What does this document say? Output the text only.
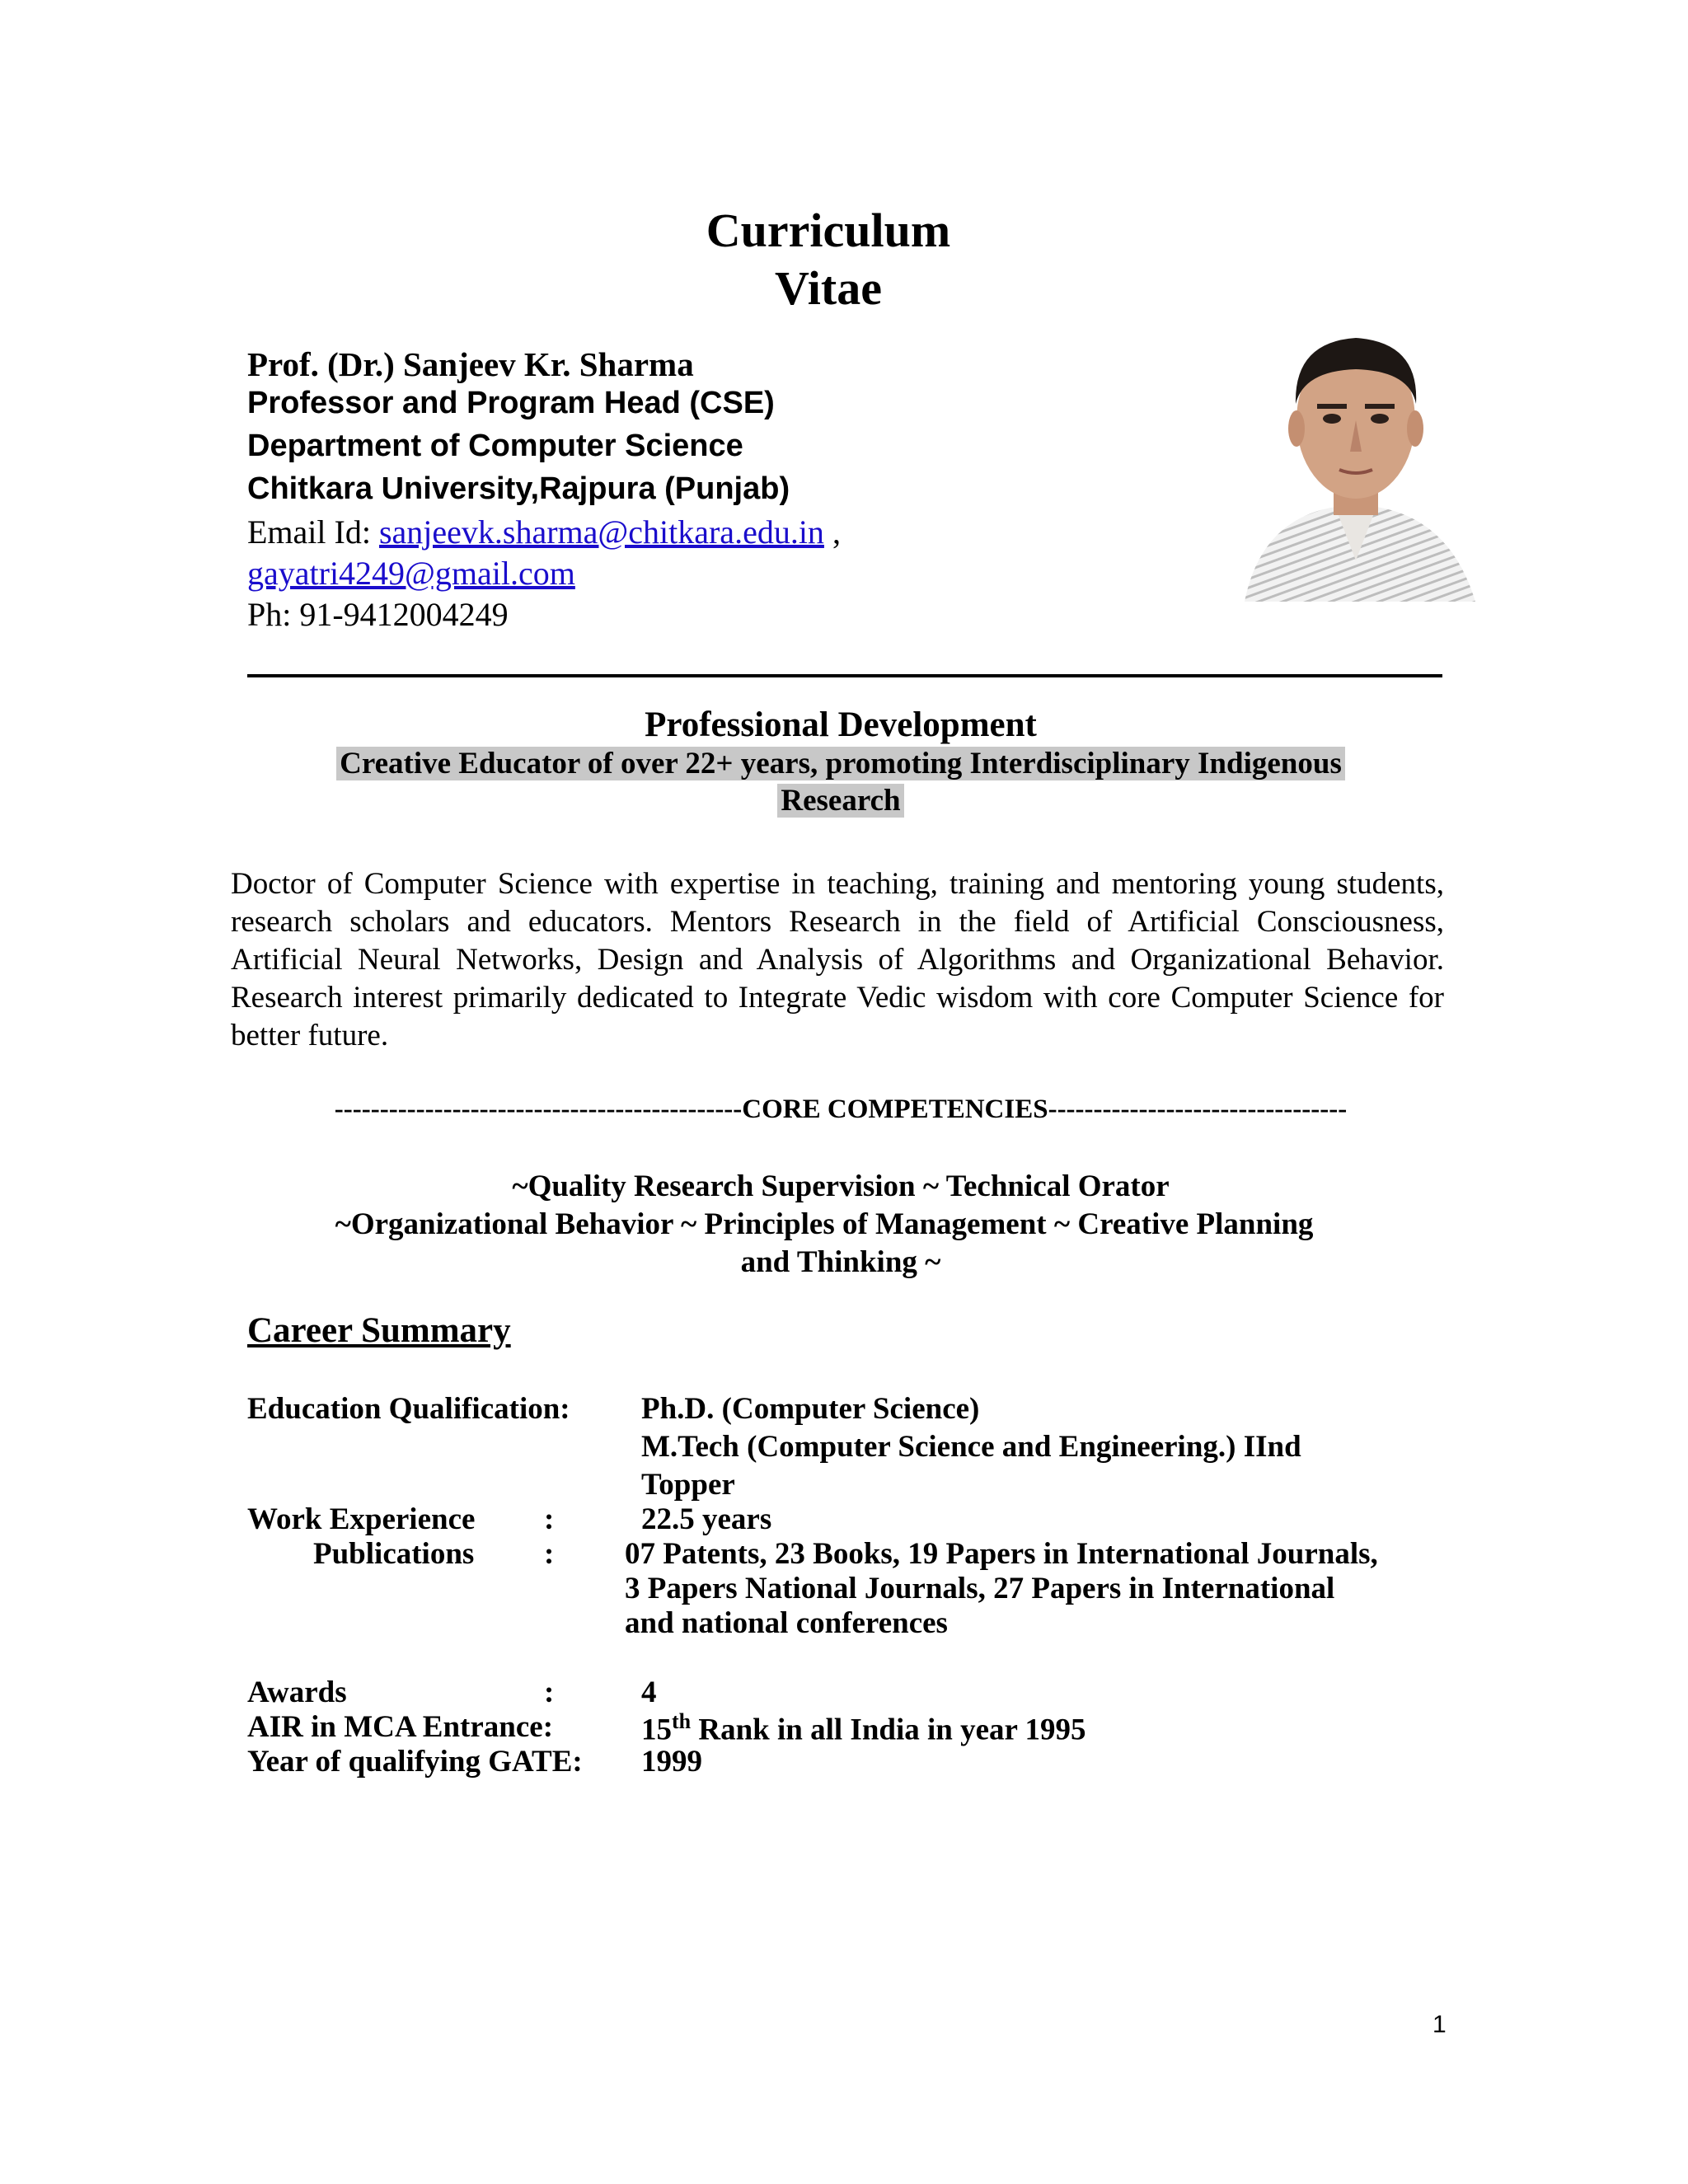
Curriculum
Vitae
Prof. (Dr.) Sanjeev Kr. Sharma
Professor and Program Head (CSE)
Department of Computer Science
Chitkara University,Rajpura (Punjab)
Email Id: sanjeevk.sharma@chitkara.edu.in ,
gayatri4249@gmail.com
Ph: 91-9412004249
Professional Development
Creative Educator of over 22+ years, promoting Interdisciplinary Indigenous
Research
Doctor of Computer Science with expertise in teaching, training and mentoring young students, research scholars and educators. Mentors Research in the field of Artificial Consciousness, Artificial Neural Networks, Design and Analysis of Algorithms and Organizational Behavior. Research interest primarily dedicated to Integrate Vedic wisdom with core Computer Science for better future.
---------------------------------------------CORE COMPETENCIES---------------------------------
~Quality Research Supervision ~ Technical Orator
~Organizational Behavior ~ Principles of Management ~ Creative Planning
and Thinking ~
Career Summary
Education Qualification: Ph.D. (Computer Science)
M.Tech (Computer Science and Engineering.) IInd
Topper
Work Experience :	22.5 years
Publications : 07 Patents, 23 Books, 19 Papers in International Journals,
3 Papers National Journals, 27 Papers in International
and national conferences
Awards	:	4
AIR in MCA Entrance:	15th Rank in all India in year 1995
Year of qualifying GATE: 1999
1
